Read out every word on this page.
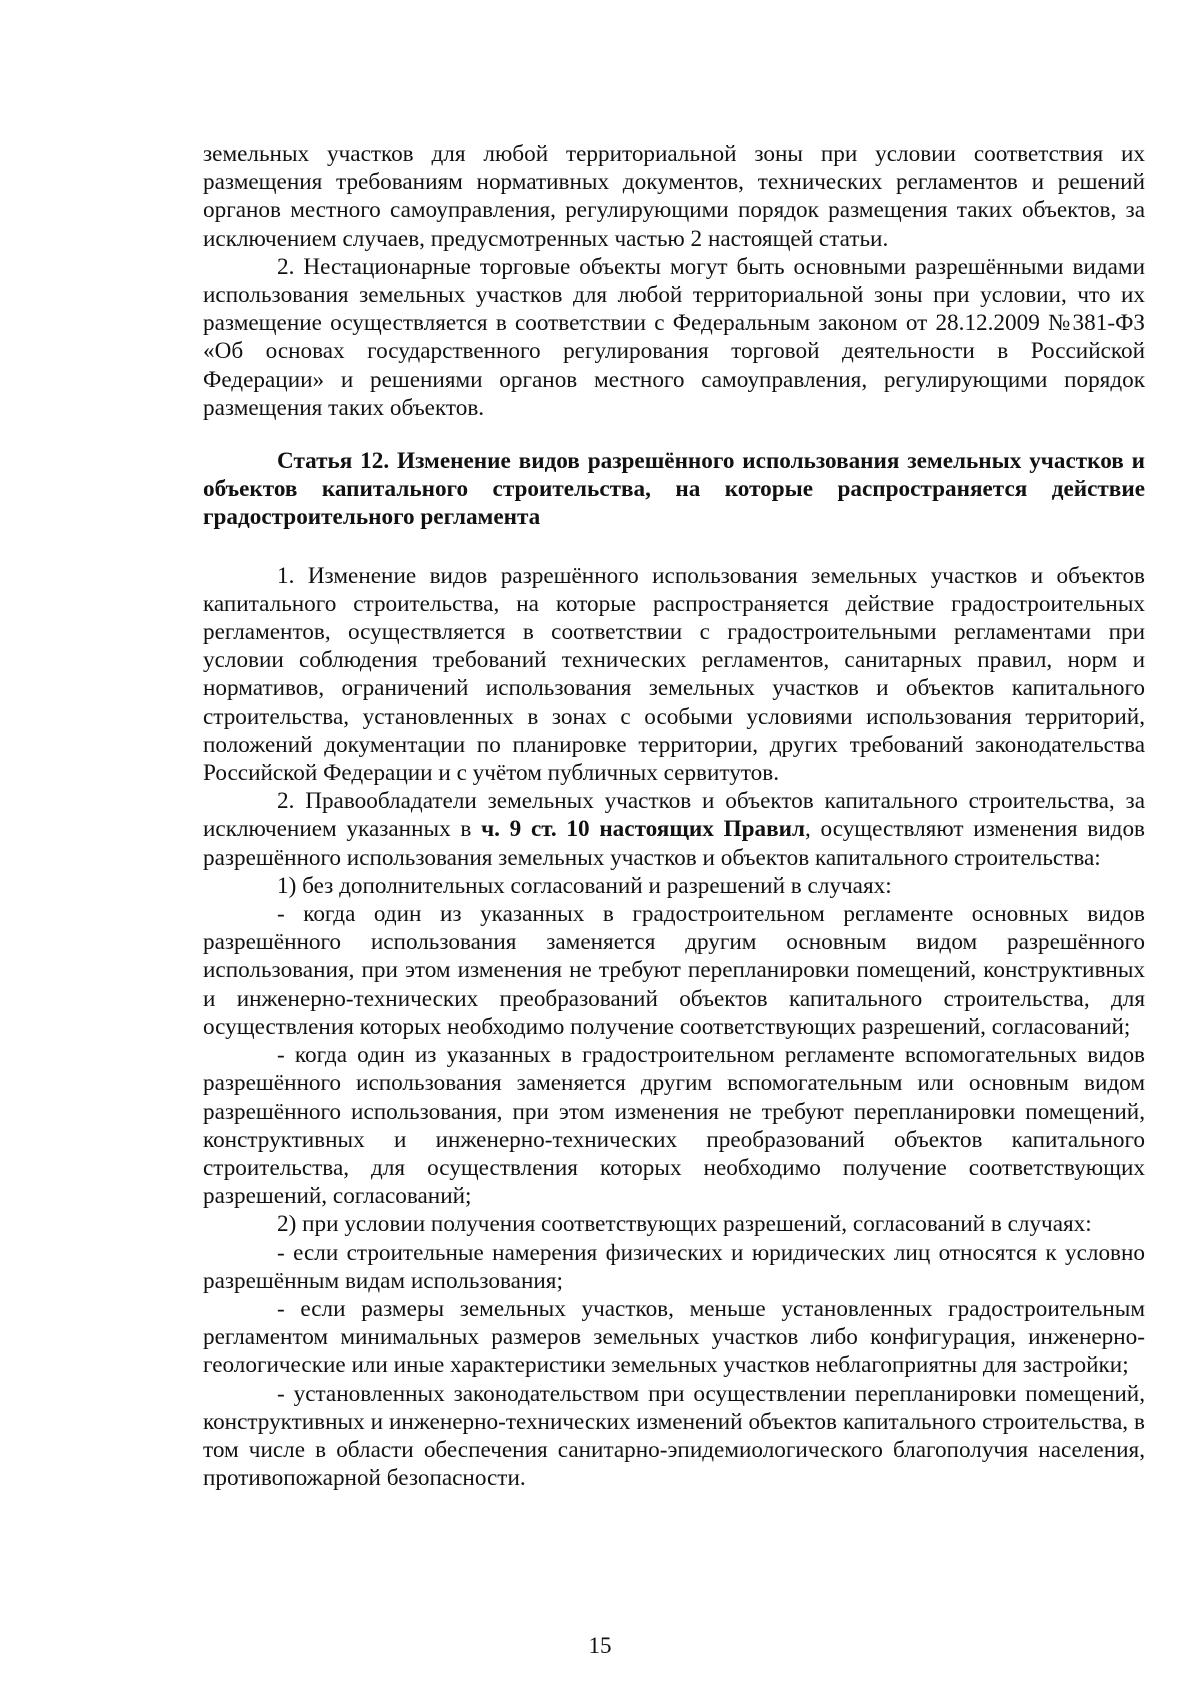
земельных участков для любой территориальной зоны при условии соответствия их размещения требованиям нормативных документов, технических регламентов и решений органов местного самоуправления, регулирующими порядок размещения таких объектов, за исключением случаев, предусмотренных частью 2 настоящей статьи.

2. Нестационарные торговые объекты могут быть основными разрешёнными видами использования земельных участков для любой территориальной зоны при условии, что их размещение осуществляется в соответствии с Федеральным законом от 28.12.2009 №381-ФЗ «Об основах государственного регулирования торговой деятельности в Российской Федерации» и решениями органов местного самоуправления, регулирующими порядок размещения таких объектов.

Статья 12. Изменение видов разрешённого использования земельных участков и объектов капитального строительства, на которые распространяется действие градостроительного регламента

1. Изменение видов разрешённого использования земельных участков и объектов капитального строительства, на которые распространяется действие градостроительных регламентов, осуществляется в соответствии с градостроительными регламентами при условии соблюдения требований технических регламентов, санитарных правил, норм и нормативов, ограничений использования земельных участков и объектов капитального строительства, установленных в зонах с особыми условиями использования территорий, положений документации по планировке территории, других требований законодательства Российской Федерации и с учётом публичных сервитутов.

2. Правообладатели земельных участков и объектов капитального строительства, за исключением указанных в ч. 9 ст. 10 настоящих Правил, осуществляют изменения видов разрешённого использования земельных участков и объектов капитального строительства:

1) без дополнительных согласований и разрешений в случаях:

- когда один из указанных в градостроительном регламенте основных видов разрешённого использования заменяется другим основным видом разрешённого использования, при этом изменения не требуют перепланировки помещений, конструктивных и инженерно-технических преобразований объектов капитального строительства, для осуществления которых необходимо получение соответствующих разрешений, согласований;

- когда один из указанных в градостроительном регламенте вспомогательных видов разрешённого использования заменяется другим вспомогательным или основным видом разрешённого использования, при этом изменения не требуют перепланировки помещений, конструктивных и инженерно-технических преобразований объектов капитального строительства, для осуществления которых необходимо получение соответствующих разрешений, согласований;

2) при условии получения соответствующих разрешений, согласований в случаях:

- если строительные намерения физических и юридических лиц относятся к условно разрешённым видам использования;

- если размеры земельных участков, меньше установленных градостроительным регламентом минимальных размеров земельных участков либо конфигурация, инженерно-геологические или иные характеристики земельных участков неблагоприятны для застройки;

- установленных законодательством при осуществлении перепланировки помещений, конструктивных и инженерно-технических изменений объектов капитального строительства, в том числе в области обеспечения санитарно-эпидемиологического благополучия населения, противопожарной безопасности.

15
